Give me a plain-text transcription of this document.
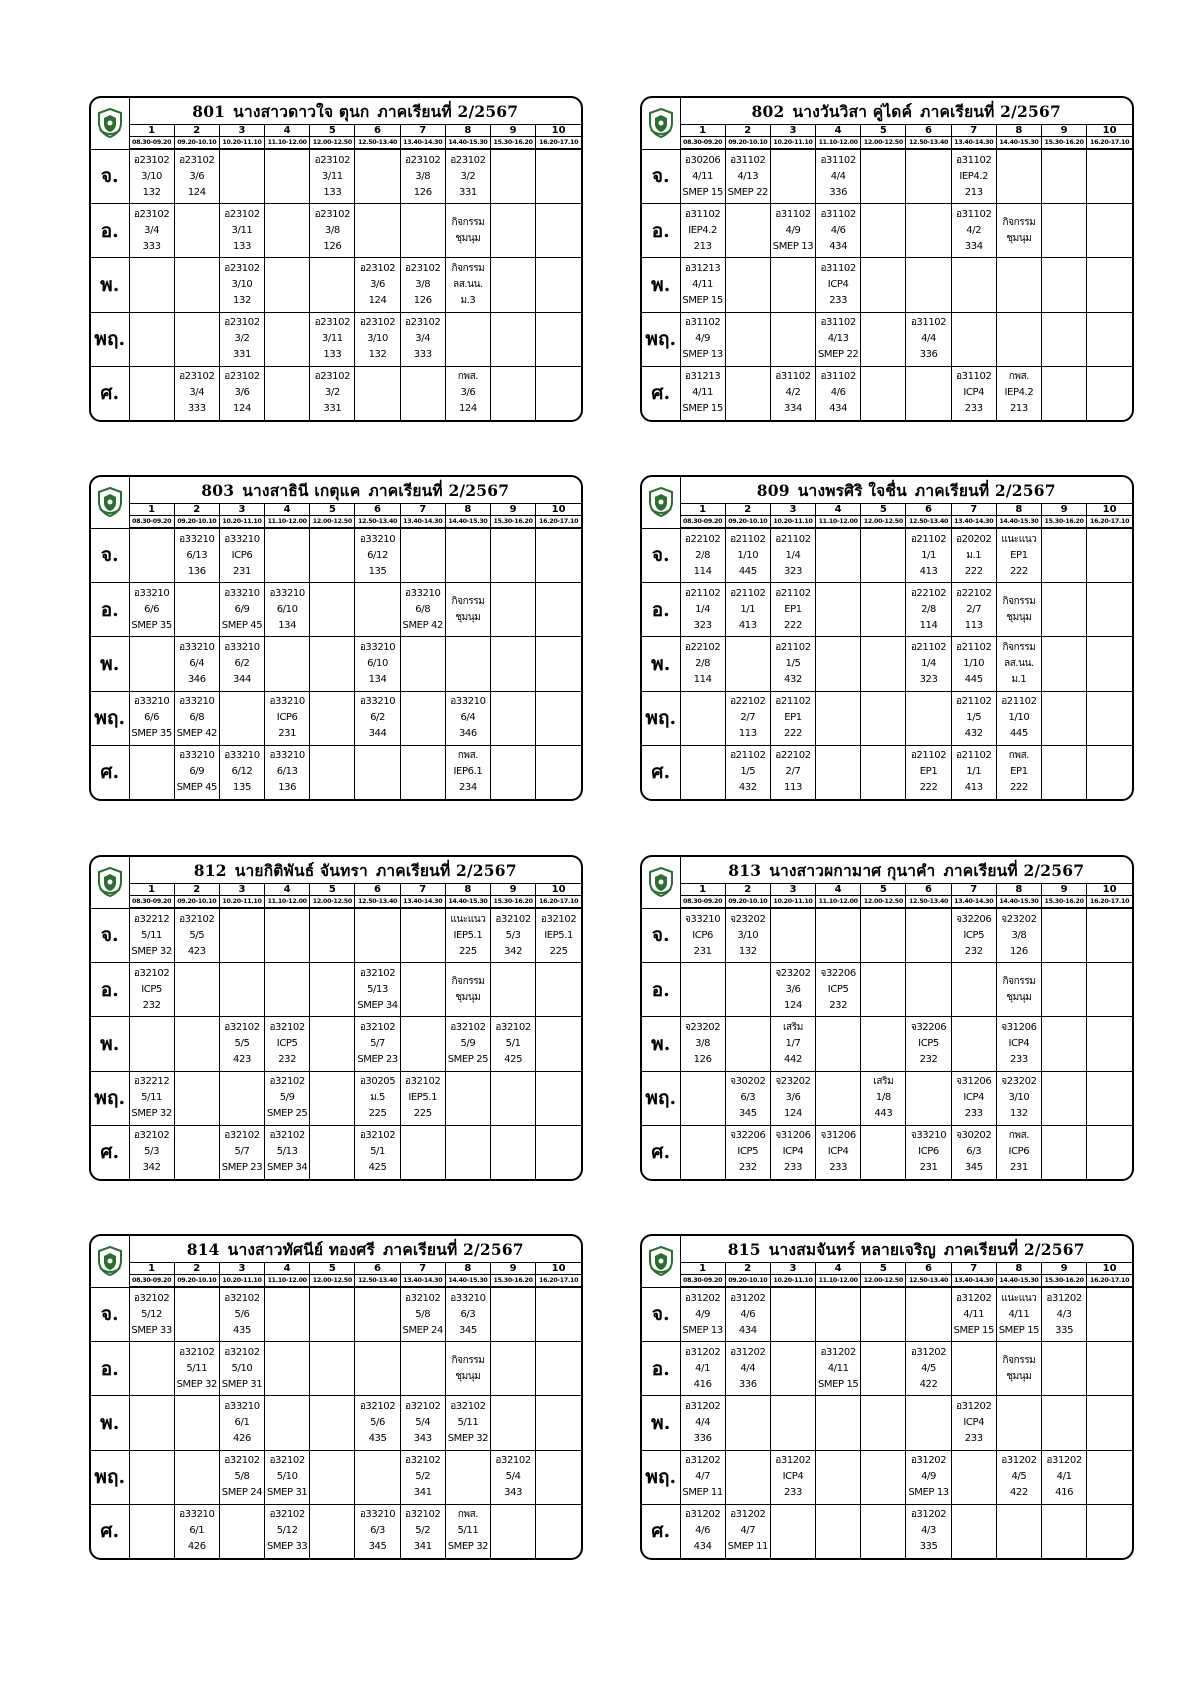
	801 นางสาวดาวใจ ตุนก ภาคเรียนที่ 2/2567									
	1	2	3	4	5	6	7	8	9	10
	08.30-09.20	09.20-10.10	10.20-11.10	11.10-12.00	12.00-12.50	12.50-13.40	13.40-14.30	14.40-15.30	15.30-16.20	16.20-17.10
จ.	อ23102
3/10
132	อ23102
3/6
124			อ23102
3/11
133		อ23102
3/8
126	อ23102
3/2
331		

อ.	อ23102
3/4
333		อ23102
3/11
133		อ23102
3/8
126			กิจกรรม
ชุมนุม		

พ.			อ23102
3/10
132			อ23102
3/6
124	อ23102
3/8
126	กิจกรรม
ลส.นน.
ม.3		

พฤ.			อ23102
3/2
331		อ23102
3/11
133	อ23102
3/10
132	อ23102
3/4
333			

ศ.		อ23102
3/4
333	อ23102
3/6
124		อ23102
3/2
331			กพส.
3/6
124		

	802 นางวันวิสา คู่ไดค์ ภาคเรียนที่ 2/2567									
	1	2	3	4	5	6	7	8	9	10
	08.30-09.20	09.20-10.10	10.20-11.10	11.10-12.00	12.00-12.50	12.50-13.40	13.40-14.30	14.40-15.30	15.30-16.20	16.20-17.10
จ.	อ30206
4/11
SMEP 15	อ31102
4/13
SMEP 22		อ31102
4/4
336			อ31102
IEP4.2
213			

อ.	อ31102
IEP4.2
213		อ31102
4/9
SMEP 13	อ31102
4/6
434			อ31102
4/2
334	กิจกรรม
ชุมนุม		

พ.	อ31213
4/11
SMEP 15			อ31102
ICP4
233						

พฤ.	อ31102
4/9
SMEP 13			อ31102
4/13
SMEP 22		อ31102
4/4
336				

ศ.	อ31213
4/11
SMEP 15		อ31102
4/2
334	อ31102
4/6
434			อ31102
ICP4
233	กพส.
IEP4.2
213		

	803 นางสาธินี เกตุแค ภาคเรียนที่ 2/2567									
	1	2	3	4	5	6	7	8	9	10
	08.30-09.20	09.20-10.10	10.20-11.10	11.10-12.00	12.00-12.50	12.50-13.40	13.40-14.30	14.40-15.30	15.30-16.20	16.20-17.10
จ.		อ33210
6/13
136	อ33210
ICP6
231			อ33210
6/12
135				

อ.	อ33210
6/6
SMEP 35		อ33210
6/9
SMEP 45	อ33210
6/10
134			อ33210
6/8
SMEP 42	กิจกรรม
ชุมนุม		

พ.		อ33210
6/4
346	อ33210
6/2
344			อ33210
6/10
134				

พฤ.	อ33210
6/6
SMEP 35	อ33210
6/8
SMEP 42		อ33210
ICP6
231		อ33210
6/2
344		อ33210
6/4
346		

ศ.		อ33210
6/9
SMEP 45	อ33210
6/12
135	อ33210
6/13
136				กพส.
IEP6.1
234		

	809 นางพรศิริ ใจชื่น ภาคเรียนที่ 2/2567									
	1	2	3	4	5	6	7	8	9	10
	08.30-09.20	09.20-10.10	10.20-11.10	11.10-12.00	12.00-12.50	12.50-13.40	13.40-14.30	14.40-15.30	15.30-16.20	16.20-17.10
จ.	อ22102
2/8
114	อ21102
1/10
445	อ21102
1/4
323			อ21102
1/1
413	อ20202
ม.1
222	แนะแนว
EP1
222		

อ.	อ21102
1/4
323	อ21102
1/1
413	อ21102
EP1
222			อ22102
2/8
114	อ22102
2/7
113	กิจกรรม
ชุมนุม		

พ.	อ22102
2/8
114		อ21102
1/5
432			อ21102
1/4
323	อ21102
1/10
445	กิจกรรม
ลส.นน.
ม.1		

พฤ.		อ22102
2/7
113	อ21102
EP1
222				อ21102
1/5
432	อ21102
1/10
445		

ศ.		อ21102
1/5
432	อ22102
2/7
113			อ21102
EP1
222	อ21102
1/1
413	กพส.
EP1
222		

	812 นายกิติพันธ์ จันทรา ภาคเรียนที่ 2/2567									
	1	2	3	4	5	6	7	8	9	10
	08.30-09.20	09.20-10.10	10.20-11.10	11.10-12.00	12.00-12.50	12.50-13.40	13.40-14.30	14.40-15.30	15.30-16.20	16.20-17.10
จ.	อ32212
5/11
SMEP 32	อ32102
5/5
423						แนะแนว
IEP5.1
225	อ32102
5/3
342	อ32102
IEP5.1
225

อ.	อ32102
ICP5
232					อ32102
5/13
SMEP 34		กิจกรรม
ชุมนุม		

พ.			อ32102
5/5
423	อ32102
ICP5
232		อ32102
5/7
SMEP 23		อ32102
5/9
SMEP 25	อ32102
5/1
425	

พฤ.	อ32212
5/11
SMEP 32			อ32102
5/9
SMEP 25		อ30205
ม.5
225	อ32102
IEP5.1
225			

ศ.	อ32102
5/3
342		อ32102
5/7
SMEP 23	อ32102
5/13
SMEP 34		อ32102
5/1
425				

	813 นางสาวผกามาศ กุนาคำ ภาคเรียนที่ 2/2567									
	1	2	3	4	5	6	7	8	9	10
	08.30-09.20	09.20-10.10	10.20-11.10	11.10-12.00	12.00-12.50	12.50-13.40	13.40-14.30	14.40-15.30	15.30-16.20	16.20-17.10
จ.	จ33210
ICP6
231	จ23202
3/10
132					จ32206
ICP5
232	จ23202
3/8
126		

อ.			จ23202
3/6
124	จ32206
ICP5
232				กิจกรรม
ชุมนุม		

พ.	จ23202
3/8
126		เสริม
1/7
442			จ32206
ICP5
232		จ31206
ICP4
233		

พฤ.		จ30202
6/3
345	จ23202
3/6
124		เสริม
1/8
443		จ31206
ICP4
233	จ23202
3/10
132		

ศ.		จ32206
ICP5
232	จ31206
ICP4
233	จ31206
ICP4
233		จ33210
ICP6
231	จ30202
6/3
345	กพส.
ICP6
231		

	814 นางสาวทัศนีย์ ทองศรี ภาคเรียนที่ 2/2567									
	1	2	3	4	5	6	7	8	9	10
	08.30-09.20	09.20-10.10	10.20-11.10	11.10-12.00	12.00-12.50	12.50-13.40	13.40-14.30	14.40-15.30	15.30-16.20	16.20-17.10
จ.	อ32102
5/12
SMEP 33		อ32102
5/6
435				อ32102
5/8
SMEP 24	อ33210
6/3
345		

อ.		อ32102
5/11
SMEP 32	อ32102
5/10
SMEP 31					กิจกรรม
ชุมนุม		

พ.			อ33210
6/1
426			อ32102
5/6
435	อ32102
5/4
343	อ32102
5/11
SMEP 32		

พฤ.			อ32102
5/8
SMEP 24	อ32102
5/10
SMEP 31			อ32102
5/2
341		อ32102
5/4
343	

ศ.		อ33210
6/1
426		อ32102
5/12
SMEP 33		อ33210
6/3
345	อ32102
5/2
341	กพส.
5/11
SMEP 32		

	815 นางสมจันทร์ หลายเจริญ ภาคเรียนที่ 2/2567									
	1	2	3	4	5	6	7	8	9	10
	08.30-09.20	09.20-10.10	10.20-11.10	11.10-12.00	12.00-12.50	12.50-13.40	13.40-14.30	14.40-15.30	15.30-16.20	16.20-17.10
จ.	อ31202
4/9
SMEP 13	อ31202
4/6
434					อ31202
4/11
SMEP 15	แนะแนว
4/11
SMEP 15	อ31202
4/3
335	

อ.	อ31202
4/1
416	อ31202
4/4
336		อ31202
4/11
SMEP 15		อ31202
4/5
422		กิจกรรม
ชุมนุม		

พ.	อ31202
4/4
336						อ31202
ICP4
233			

พฤ.	อ31202
4/7
SMEP 11		อ31202
ICP4
233			อ31202
4/9
SMEP 13		อ31202
4/5
422	อ31202
4/1
416	

ศ.	อ31202
4/6
434	อ31202
4/7
SMEP 11				อ31202
4/3
335				
